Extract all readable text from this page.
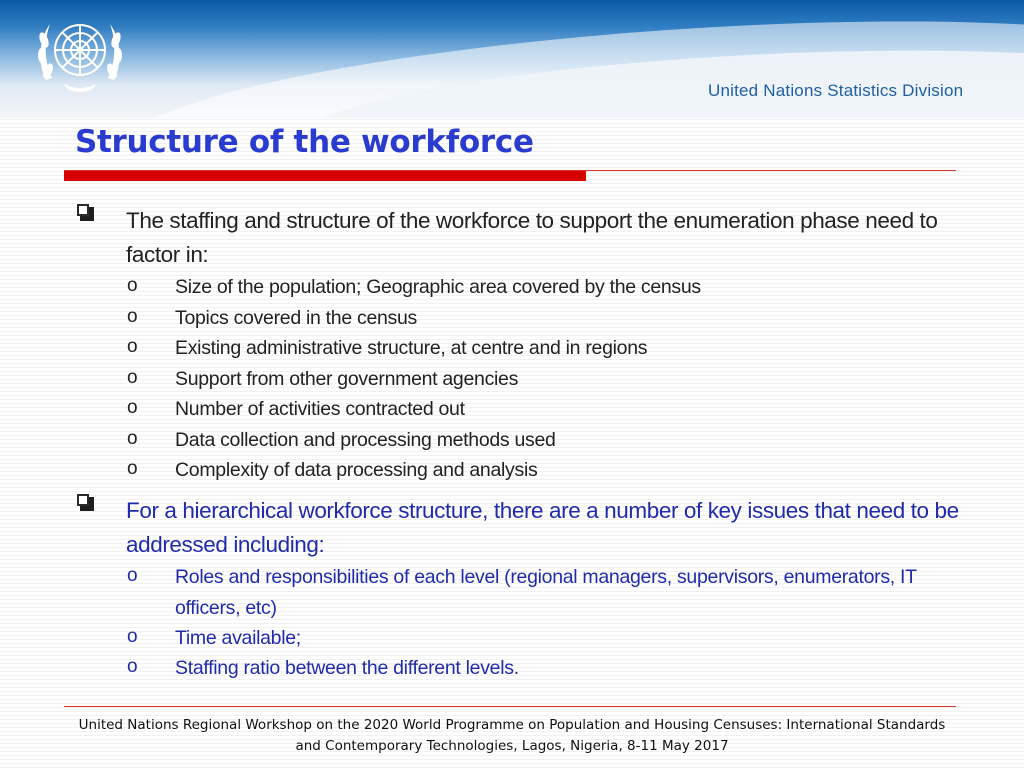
United Nations Statistics Division
Structure of the workforce
The staffing and structure of the workforce to support the enumeration phase need to factor in:
o Size of the population; Geographic area covered by the census
o Topics covered in the census
o Existing administrative structure, at centre and in regions
o Support from other government agencies
o Number of activities contracted out
o Data collection and processing methods used
o Complexity of data processing and analysis
For a hierarchical workforce structure, there are a number of key issues that need to be addressed including:
o Roles and responsibilities of each level (regional managers, supervisors, enumerators, IT officers, etc)
o Time available;
o Staffing ratio between the different levels.
United Nations Regional Workshop on the 2020 World Programme on Population and Housing Censuses: International Standards
and Contemporary Technologies, Lagos, Nigeria, 8-11 May 2017
